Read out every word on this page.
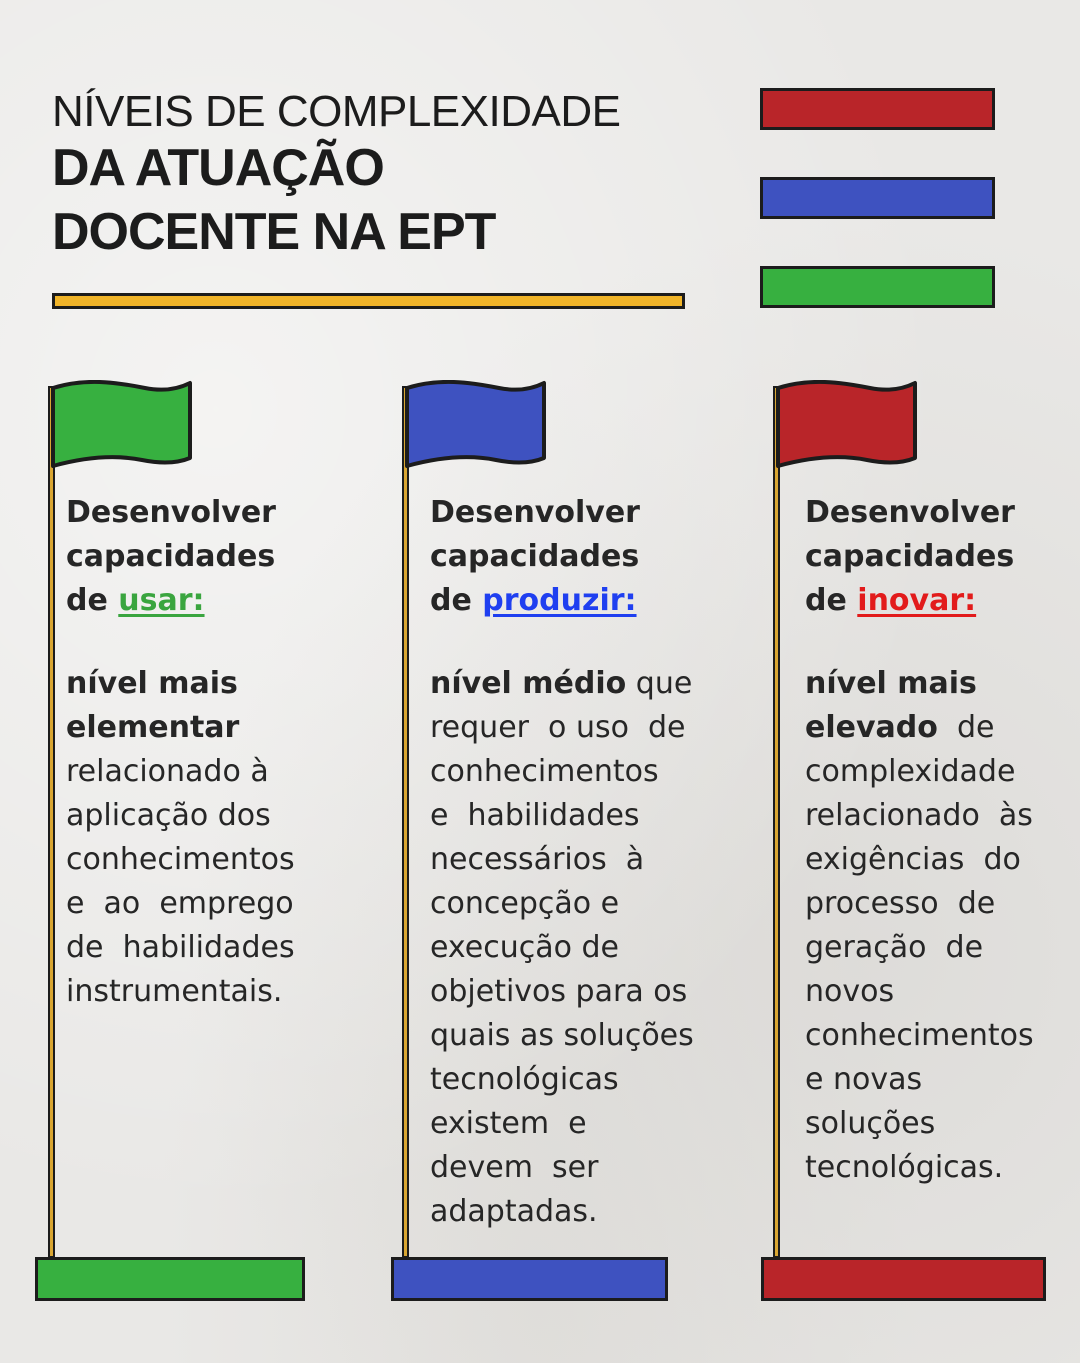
NÍVEIS DE COMPLEXIDADE
DA ATUAÇÃO
DOCENTE NA EPT
Desenvolver
capacidades
de usar:
nível mais
elementar
relacionado à
aplicação dos
conhecimentos
e  ao  emprego
de  habilidades
instrumentais.
Desenvolver
capacidades
de produzir:
nível médio que
requer  o uso  de
conhecimentos
e  habilidades
necessários  à
concepção e
execução de
objetivos para os
quais as soluções
tecnológicas
existem  e
devem  ser
adaptadas.
Desenvolver
capacidades
de inovar:
nível mais
elevado  de
complexidade
relacionado  às
exigências  do
processo  de
geração  de
novos
conhecimentos
e novas
soluções
tecnológicas.
